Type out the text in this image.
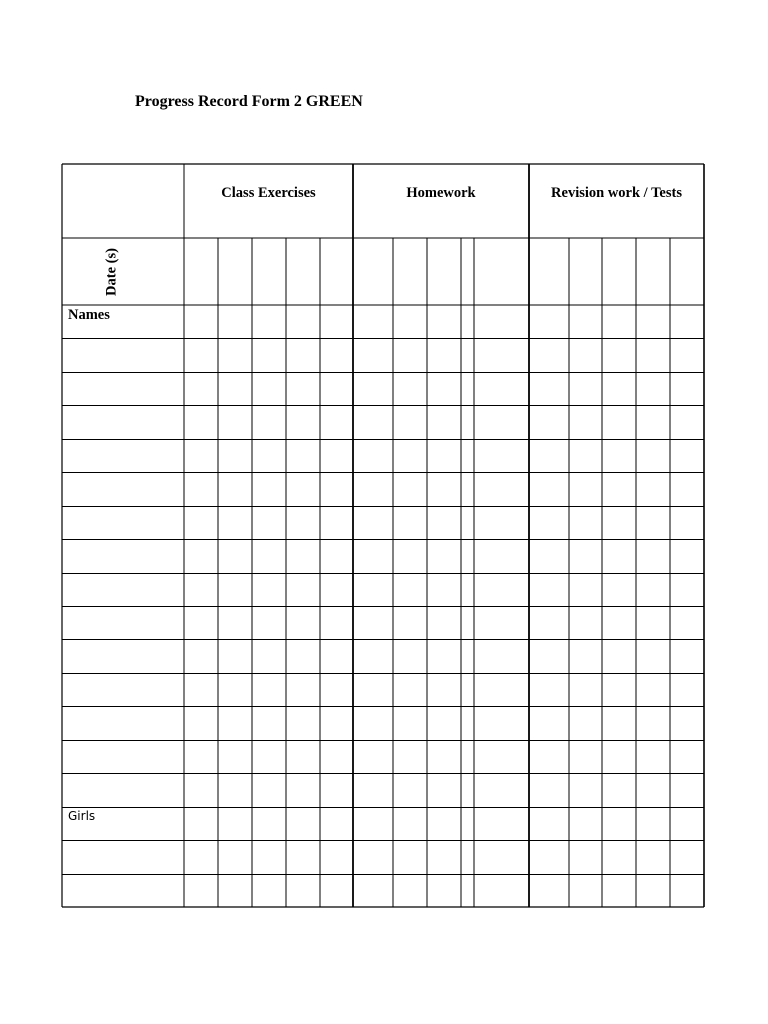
Progress Record Form 2 GREEN
Class Exercises	Homework	Revision work / Tests
Date (s)
Names
Girls
